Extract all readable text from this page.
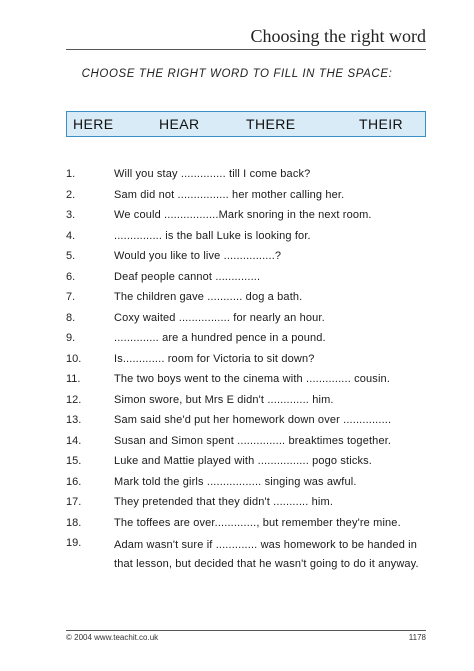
Choosing the right word
CHOOSE THE RIGHT WORD TO FILL IN THE SPACE:
HERE	HEAR	THERE	THEIR
1.	Will you stay .............. till I come back?
2.	Sam did not ................ her mother calling her.
3.	We could .................Mark snoring in the next room.
4.	............... is the ball Luke is looking for.
5.	Would you like to live ................?
6.	Deaf people cannot ..............
7.	The children gave ........... dog a bath.
8.	Coxy waited ................ for nearly an hour.
9.	.............. are a hundred pence in a pound.
10.	Is............. room for Victoria to sit down?
11.	The two boys went to the cinema with .............. cousin.
12.	Simon swore, but Mrs E didn't ............. him.
13.	Sam said she'd put her homework down over ...............
14.	Susan and Simon spent ............... breaktimes together.
15.	Luke and Mattie played with ................ pogo sticks.
16.	Mark told the girls ................. singing was awful.
17.	They pretended that they didn't ........... him.
18.	The toffees are over............., but remember they're mine.
19.	Adam wasn't sure if ............. was homework to be handed in that lesson, but decided that he wasn't going to do it anyway.
© 2004 www.teachit.co.uk	1178
